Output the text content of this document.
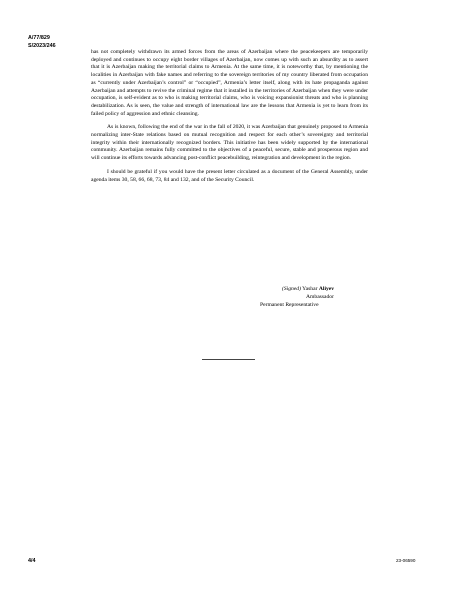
A/77/829
S/2023/246

has not completely withdrawn its armed forces from the areas of Azerbaijan where the peacekeepers are temporarily deployed and continues to occupy eight border villages of Azerbaijan, now comes up with such an absurdity as to assert that it is Azerbaijan making the territorial claims to Armenia. At the same time, it is noteworthy that, by mentioning the localities in Azerbaijan with fake names and referring to the sovereign territories of my country liberated from occupation as “currently under Azerbaijan’s control” or “occupied”, Armenia’s letter itself, along with its hate propaganda against Azerbaijan and attempts to revive the criminal regime that it installed in the territories of Azerbaijan when they were under occupation, is self-evident as to who is making territorial claims, who is voicing expansionist threats and who is planning destabilization. As is seen, the value and strength of international law are the lessons that Armenia is yet to learn from its failed policy of aggression and ethnic cleansing.

As is known, following the end of the war in the fall of 2020, it was Azerbaijan that genuinely proposed to Armenia normalizing inter-State relations based on mutual recognition and respect for each other’s sovereignty and territorial integrity within their internationally recognized borders. This initiative has been widely supported by the international community. Azerbaijan remains fully committed to the objectives of a peaceful, secure, stable and prosperous region and will continue its efforts towards advancing post-conflict peacebuilding, reintegration and development in the region.

I should be grateful if you would have the present letter circulated as a document of the General Assembly, under agenda items 30, 58, 66, 68, 73, 84 and 132, and of the Security Council.

(Signed) Yashar Aliyev
Ambassador
Permanent Representative
4/4	23-06590
